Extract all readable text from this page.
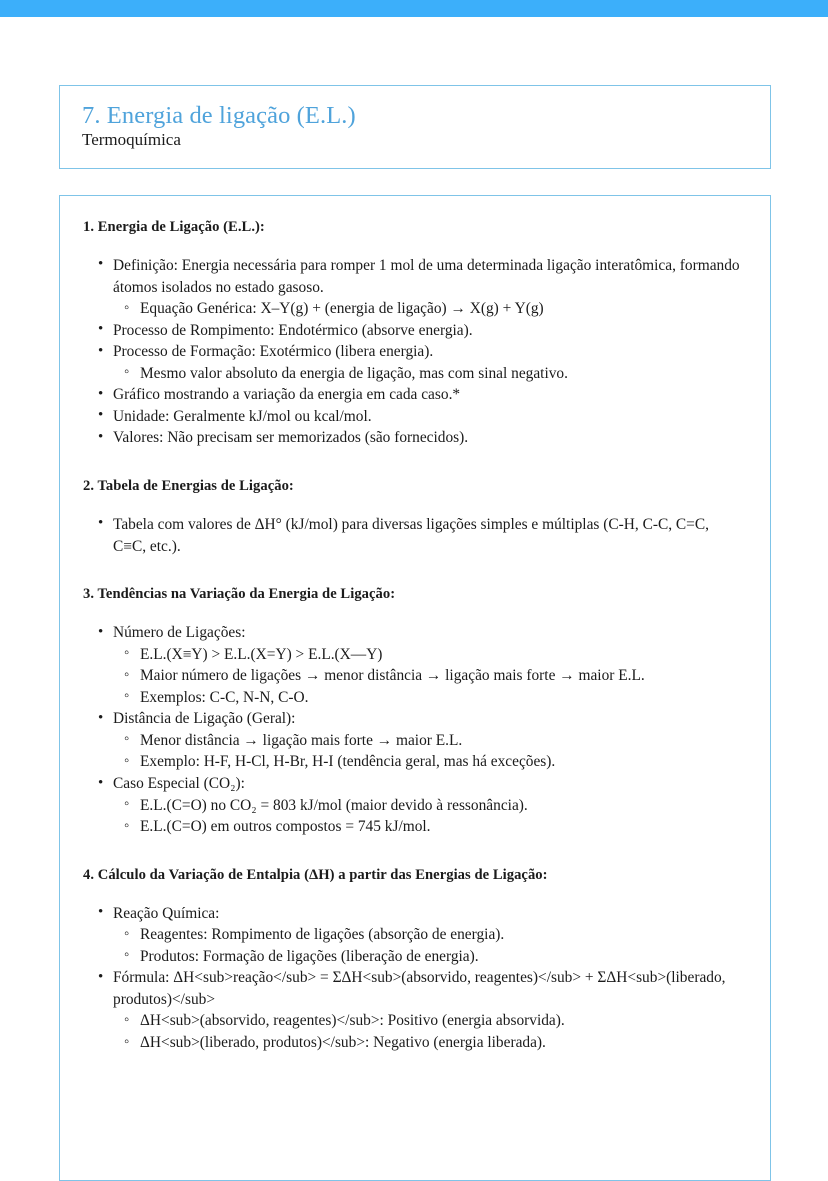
7. Energia de ligação (E.L.)
Termoquímica
1. Energia de Ligação (E.L.):
• Definição: Energia necessária para romper 1 mol de uma determinada ligação interatômica, formando átomos isolados no estado gasoso.
◦ Equação Genérica: X–Y(g) + (energia de ligação) → X(g) + Y(g)
• Processo de Rompimento: Endotérmico (absorve energia).
• Processo de Formação: Exotérmico (libera energia).
◦ Mesmo valor absoluto da energia de ligação, mas com sinal negativo.
• Gráfico mostrando a variação da energia em cada caso.*
• Unidade: Geralmente kJ/mol ou kcal/mol.
• Valores: Não precisam ser memorizados (são fornecidos).
2. Tabela de Energias de Ligação:
• Tabela com valores de ΔH° (kJ/mol) para diversas ligações simples e múltiplas (C-H, C-C, C=C, C≡C, etc.).
3. Tendências na Variação da Energia de Ligação:
• Número de Ligações:
◦ E.L.(X≡Y) > E.L.(X=Y) > E.L.(X—Y)
◦ Maior número de ligações → menor distância → ligação mais forte → maior E.L.
◦ Exemplos: C-C, N-N, C-O.
• Distância de Ligação (Geral):
◦ Menor distância → ligação mais forte → maior E.L.
◦ Exemplo: H-F, H-Cl, H-Br, H-I (tendência geral, mas há exceções).
• Caso Especial (CO₂):
◦ E.L.(C=O) no CO₂ = 803 kJ/mol (maior devido à ressonância).
◦ E.L.(C=O) em outros compostos = 745 kJ/mol.
4. Cálculo da Variação de Entalpia (ΔH) a partir das Energias de Ligação:
• Reação Química:
◦ Reagentes: Rompimento de ligações (absorção de energia).
◦ Produtos: Formação de ligações (liberação de energia).
• Fórmula: ΔH<sub>reação</sub> = ΣΔH<sub>(absorvido, reagentes)</sub> + ΣΔH<sub>(liberado, produtos)</sub>
◦ ΔH<sub>(absorvido, reagentes)</sub>: Positivo (energia absorvida).
◦ ΔH<sub>(liberado, produtos)</sub>: Negativo (energia liberada).
